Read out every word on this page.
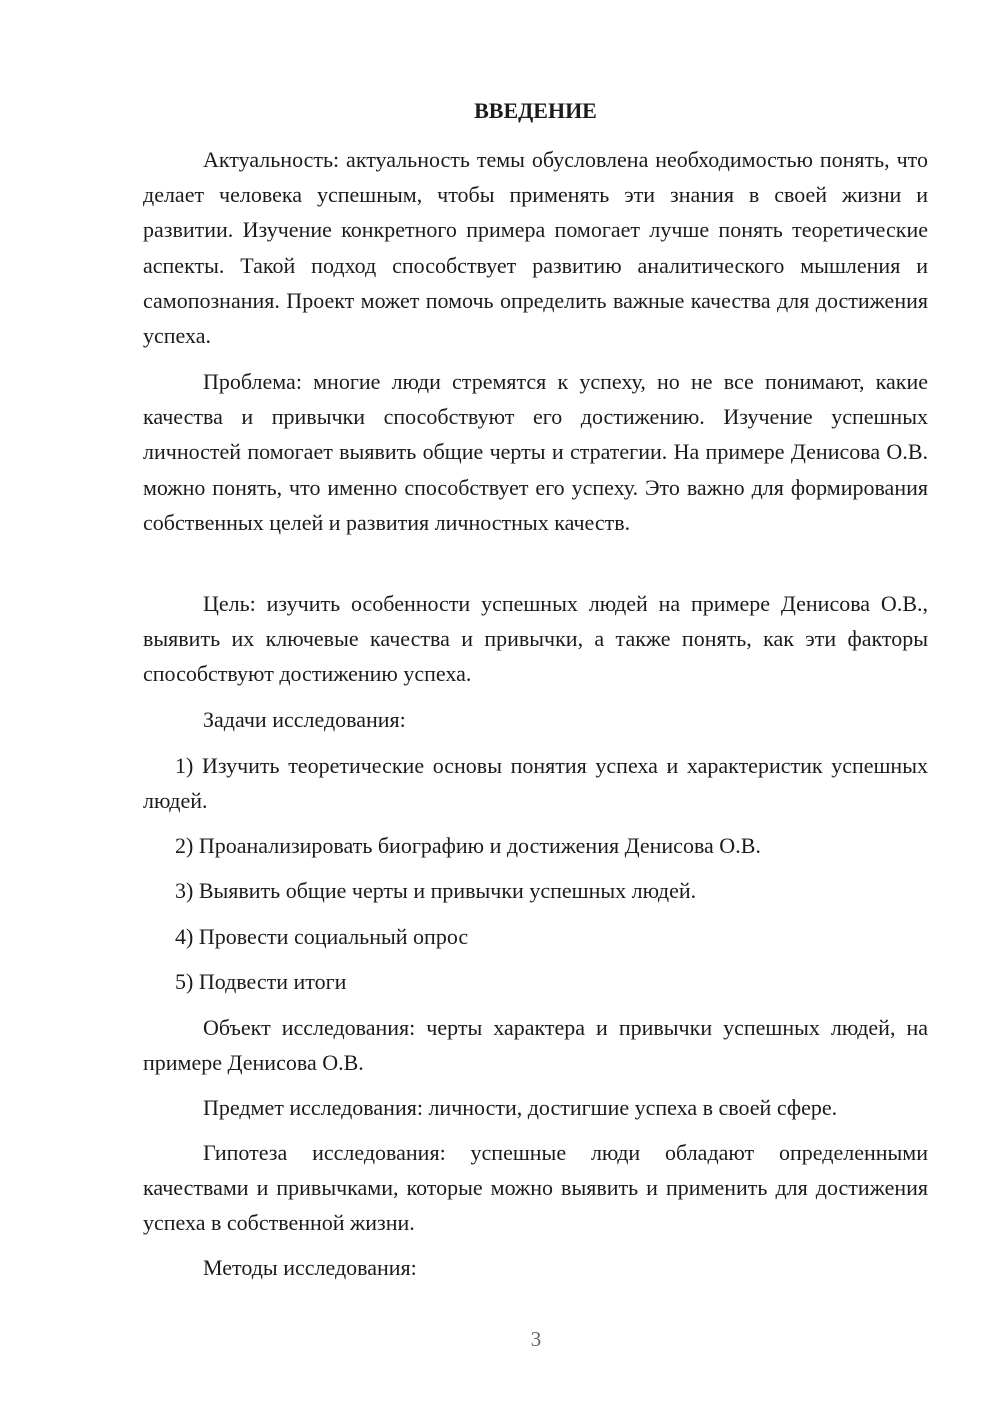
ВВЕДЕНИЕ

Актуальность: актуальность темы обусловлена необходимостью понять, что делает человека успешным, чтобы применять эти знания в своей жизни и развитии. Изучение конкретного примера помогает лучше понять теоретические аспекты. Такой подход способствует развитию аналитического мышления и самопознания. Проект может помочь определить важные качества для достижения успеха.

Проблема: многие люди стремятся к успеху, но не все понимают, какие качества и привычки способствуют его достижению. Изучение успешных личностей помогает выявить общие черты и стратегии. На примере Денисова О.В. можно понять, что именно способствует его успеху. Это важно для формирования собственных целей и развития личностных качеств.

Цель: изучить особенности успешных людей на примере Денисова О.В., выявить их ключевые качества и привычки, а также понять, как эти факторы способствуют достижению успеха.

Задачи исследования:

1) Изучить теоретические основы понятия успеха и характеристик успешных людей.

2) Проанализировать биографию и достижения Денисова О.В.

3) Выявить общие черты и привычки успешных людей.

4) Провести социальный опрос

5) Подвести итоги

Объект исследования: черты характера и привычки успешных людей, на примере Денисова О.В.

Предмет исследования: личности, достигшие успеха в своей сфере.

Гипотеза исследования: успешные люди обладают определенными качествами и привычками, которые можно выявить и применить для достижения успеха в собственной жизни.

Методы исследования:

3
